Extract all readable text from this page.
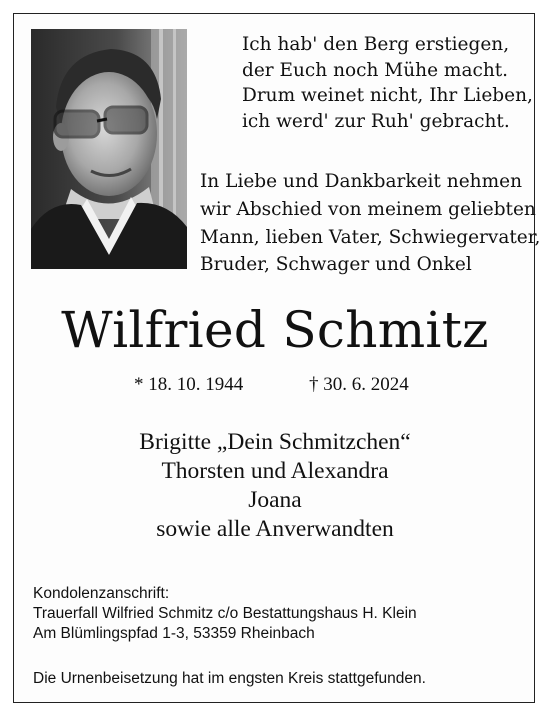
Ich hab' den Berg erstiegen,
der Euch noch Mühe macht.
Drum weinet nicht, Ihr Lieben,
ich werd' zur Ruh' gebracht.
In Liebe und Dankbarkeit nehmen
wir Abschied von meinem geliebten
Mann, lieben Vater, Schwiegervater,
Bruder, Schwager und Onkel
Wilfried Schmitz
* 18. 10. 1944	† 30. 6. 2024
Brigitte „Dein Schmitzchen“
Thorsten und Alexandra
Joana
sowie alle Anverwandten
Kondolenzanschrift:
Trauerfall Wilfried Schmitz c/o Bestattungshaus H. Klein
Am Blümlingspfad 1-3, 53359 Rheinbach
Die Urnenbeisetzung hat im engsten Kreis stattgefunden.
